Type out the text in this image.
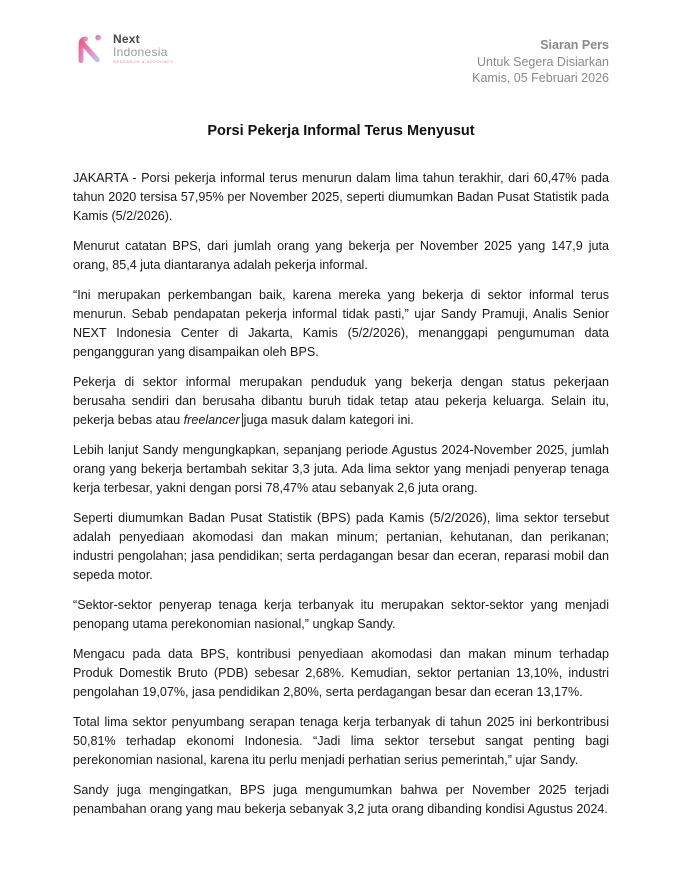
Next
Indonesia
RESEARCH & ADVOCACY
Siaran Pers
Untuk Segera Disiarkan
Kamis, 05 Februari 2026
Porsi Pekerja Informal Terus Menyusut

JAKARTA - Porsi pekerja informal terus menurun dalam lima tahun terakhir, dari 60,47% pada tahun 2020 tersisa 57,95% per November 2025, seperti diumumkan Badan Pusat Statistik pada Kamis (5/2/2026).

Menurut catatan BPS, dari jumlah orang yang bekerja per November 2025 yang 147,9 juta orang, 85,4 juta diantaranya adalah pekerja informal.

“Ini merupakan perkembangan baik, karena mereka yang bekerja di sektor informal terus menurun. Sebab pendapatan pekerja informal tidak pasti,” ujar Sandy Pramuji, Analis Senior NEXT Indonesia Center di Jakarta, Kamis (5/2/2026), menanggapi pengumuman data pengangguran yang disampaikan oleh BPS.

Pekerja di sektor informal merupakan penduduk yang bekerja dengan status pekerjaan berusaha sendiri dan berusaha dibantu buruh tidak tetap atau pekerja keluarga. Selain itu, pekerja bebas atau freelancer juga masuk dalam kategori ini.

Lebih lanjut Sandy mengungkapkan, sepanjang periode Agustus 2024-November 2025, jumlah orang yang bekerja bertambah sekitar 3,3 juta. Ada lima sektor yang menjadi penyerap tenaga kerja terbesar, yakni dengan porsi 78,47% atau sebanyak 2,6 juta orang.

Seperti diumumkan Badan Pusat Statistik (BPS) pada Kamis (5/2/2026), lima sektor tersebut adalah penyediaan akomodasi dan makan minum; pertanian, kehutanan, dan perikanan; industri pengolahan; jasa pendidikan; serta perdagangan besar dan eceran, reparasi mobil dan sepeda motor.

“Sektor-sektor penyerap tenaga kerja terbanyak itu merupakan sektor-sektor yang menjadi penopang utama perekonomian nasional,” ungkap Sandy.

Mengacu pada data BPS, kontribusi penyediaan akomodasi dan makan minum terhadap Produk Domestik Bruto (PDB) sebesar 2,68%. Kemudian, sektor pertanian 13,10%, industri pengolahan 19,07%, jasa pendidikan 2,80%, serta perdagangan besar dan eceran 13,17%.

Total lima sektor penyumbang serapan tenaga kerja terbanyak di tahun 2025 ini berkontribusi 50,81% terhadap ekonomi Indonesia. “Jadi lima sektor tersebut sangat penting bagi perekonomian nasional, karena itu perlu menjadi perhatian serius pemerintah,” ujar Sandy.

Sandy juga mengingatkan, BPS juga mengumumkan bahwa per November 2025 terjadi penambahan orang yang mau bekerja sebanyak 3,2 juta orang dibanding kondisi Agustus 2024.
